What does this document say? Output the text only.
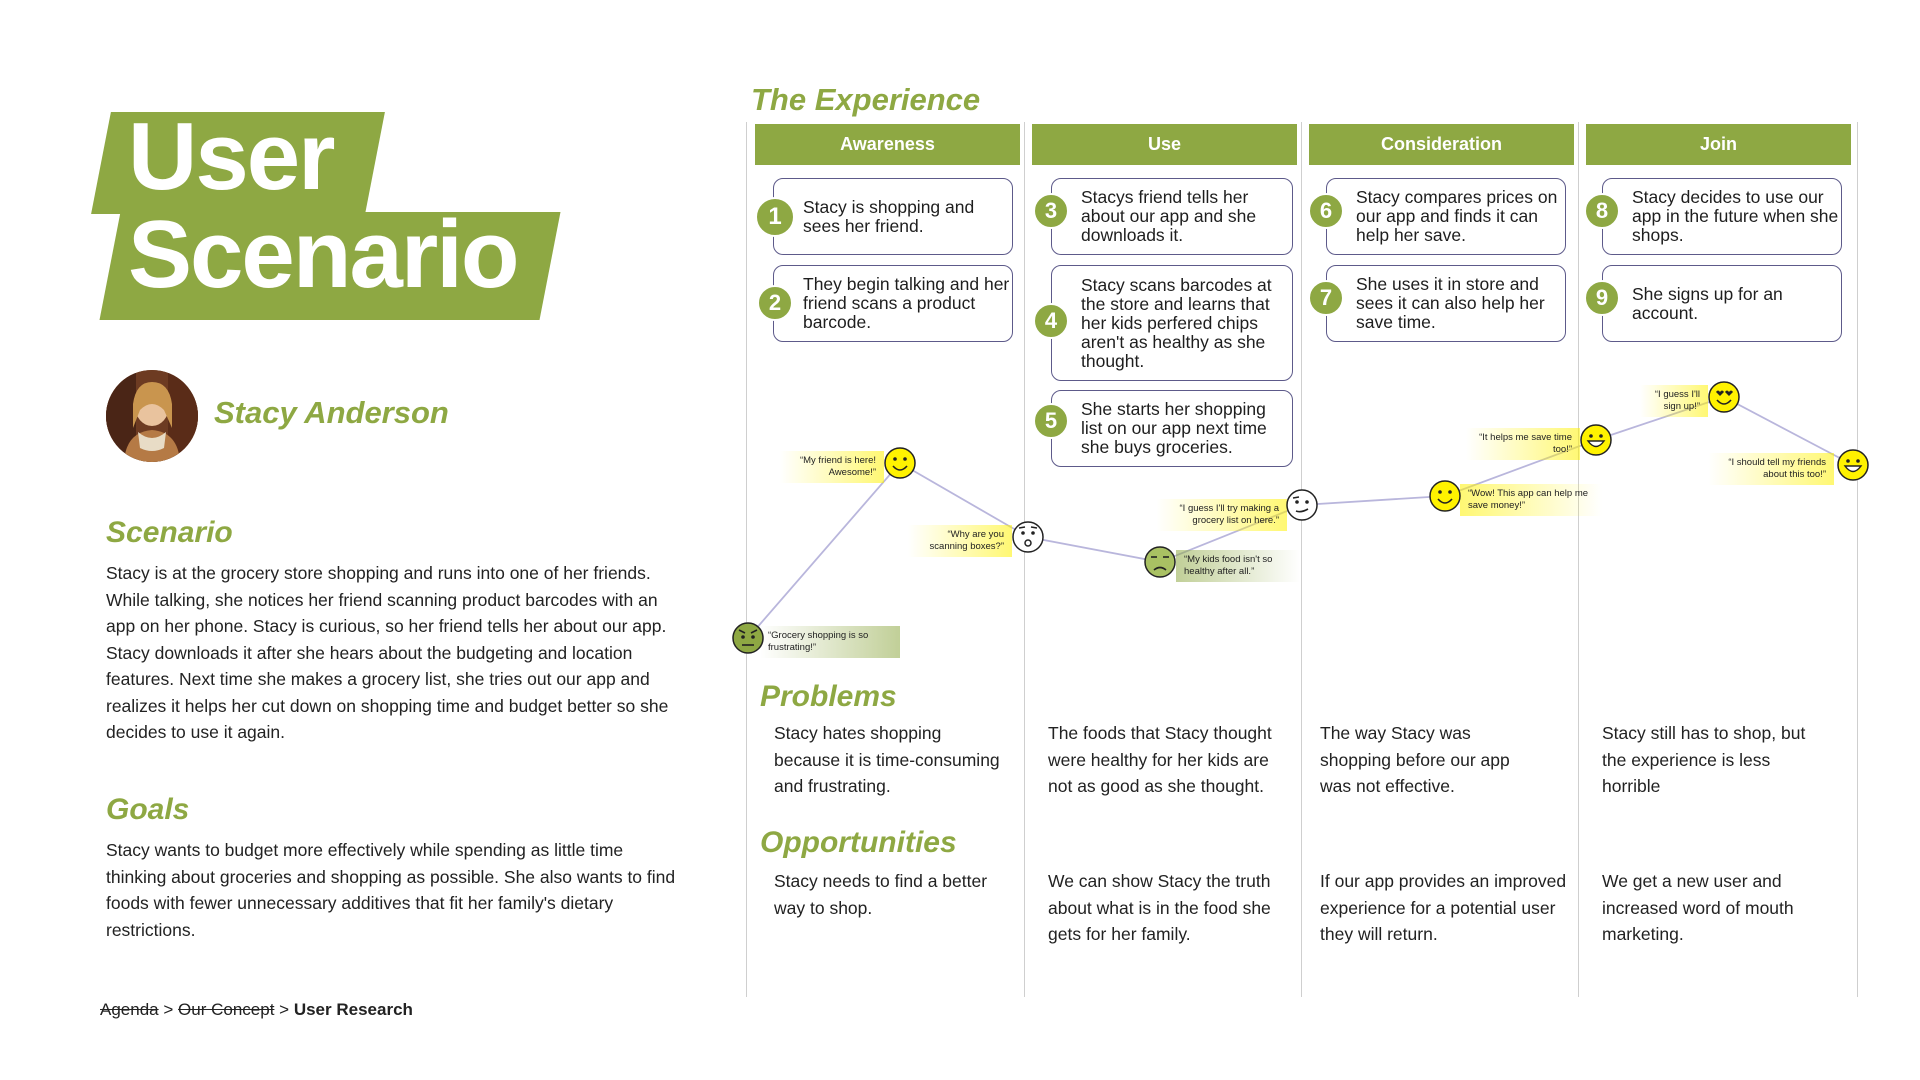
User
Scenario
Stacy Anderson
Scenario
Stacy is at the grocery store shopping and runs into one of her friends. While talking, she notices her friend scanning product barcodes with an app on her phone. Stacy is curious, so her friend tells her about our app. Stacy downloads it after she hears about the budgeting and location features. Next time she makes a grocery list, she tries out our app and realizes it helps her cut down on shopping time and budget better so she decides to use it again.
Goals
Stacy wants to budget more effectively while spending as little time thinking about groceries and shopping as possible. She also wants to find foods with fewer unnecessary additives that fit her family's dietary restrictions.
Agenda > Our Concept > User Research
The Experience
Awareness	Use	Consideration	Join
Stacy is shopping and sees her friend.
1
They begin talking and her friend scans a product barcode.
2
Stacys friend tells her about our app and she downloads it.
3
Stacy scans barcodes at the store and learns that her kids perfered chips aren't as healthy as she thought.
4
She starts her shopping list on our app next time she buys groceries.
5
Stacy compares prices on our app and finds it can help her save.
6
She uses it in store and sees it can also help her save time.
7
Stacy decides to use our app in the future when she shops.
8
She signs up for an account.
9
“Grocery shopping is so frustrating!”
“My friend is here! Awesome!”
“Why are you scanning boxes?”
“My kids food isn't so healthy after all.”
“I guess I'll try making a grocery list on here.”
“Wow! This app can help me save money!”
“It helps me save time too!”
“I guess I'll sign up!”
“I should tell my friends about this too!”
Problems
Stacy hates shopping because it is time-consuming and frustrating.
The foods that Stacy thought were healthy for her kids are not as good as she thought.
The way Stacy was shopping before our app was not effective.
Stacy still has to shop, but the experience is less horrible
Opportunities
Stacy needs to find a better way to shop.
We can show Stacy the truth about what is in the food she gets for her family.
If our app provides an improved experience for a potential user they will return.
We get a new user and increased word of mouth marketing.
